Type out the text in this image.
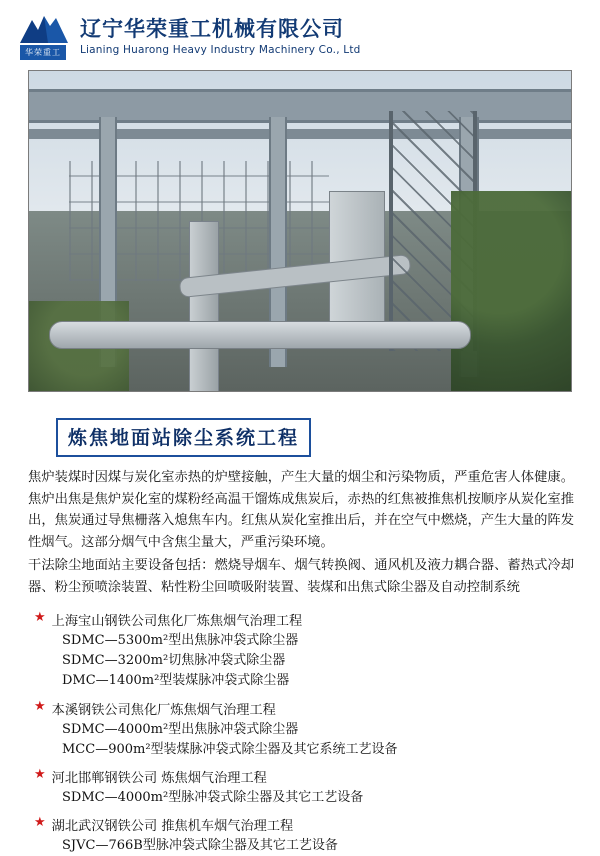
华荣重工
辽宁华荣重工机械有限公司
Lianing Huarong Heavy Industry Machinery Co., Ltd
炼焦地面站除尘系统工程

焦炉装煤时因煤与炭化室赤热的炉壁接触，产生大量的烟尘和污染物质，严重危害人体健康。焦炉出焦是焦炉炭化室的煤粉经高温干馏炼成焦炭后，赤热的红焦被推焦机按顺序从炭化室推出，焦炭通过导焦栅落入熄焦车内。红焦从炭化室推出后，并在空气中燃烧，产生大量的阵发性烟气。这部分烟气中含焦尘量大，严重污染环境。

干法除尘地面站主要设备包括：燃烧导烟车、烟气转换阀、通风机及液力耦合器、蓄热式冷却器、粉尘预喷涂装置、粘性粉尘回喷吸附装置、装煤和出焦式除尘器及自动控制系统

★ 上海宝山钢铁公司焦化厂炼焦烟气治理工程
SDMC—5300m²型出焦脉冲袋式除尘器
SDMC—3200m²切焦脉冲袋式除尘器
DMC—1400m²型装煤脉冲袋式除尘器
★ 本溪钢铁公司焦化厂炼焦烟气治理工程
SDMC—4000m²型出焦脉冲袋式除尘器
MCC—900m²型装煤脉冲袋式除尘器及其它系统工艺设备
★ 河北邯郸钢铁公司 炼焦烟气治理工程
SDMC—4000m²型脉冲袋式除尘器及其它工艺设备
★ 湖北武汉钢铁公司 推焦机车烟气治理工程
SJVC—766B型脉冲袋式除尘器及其它工艺设备
